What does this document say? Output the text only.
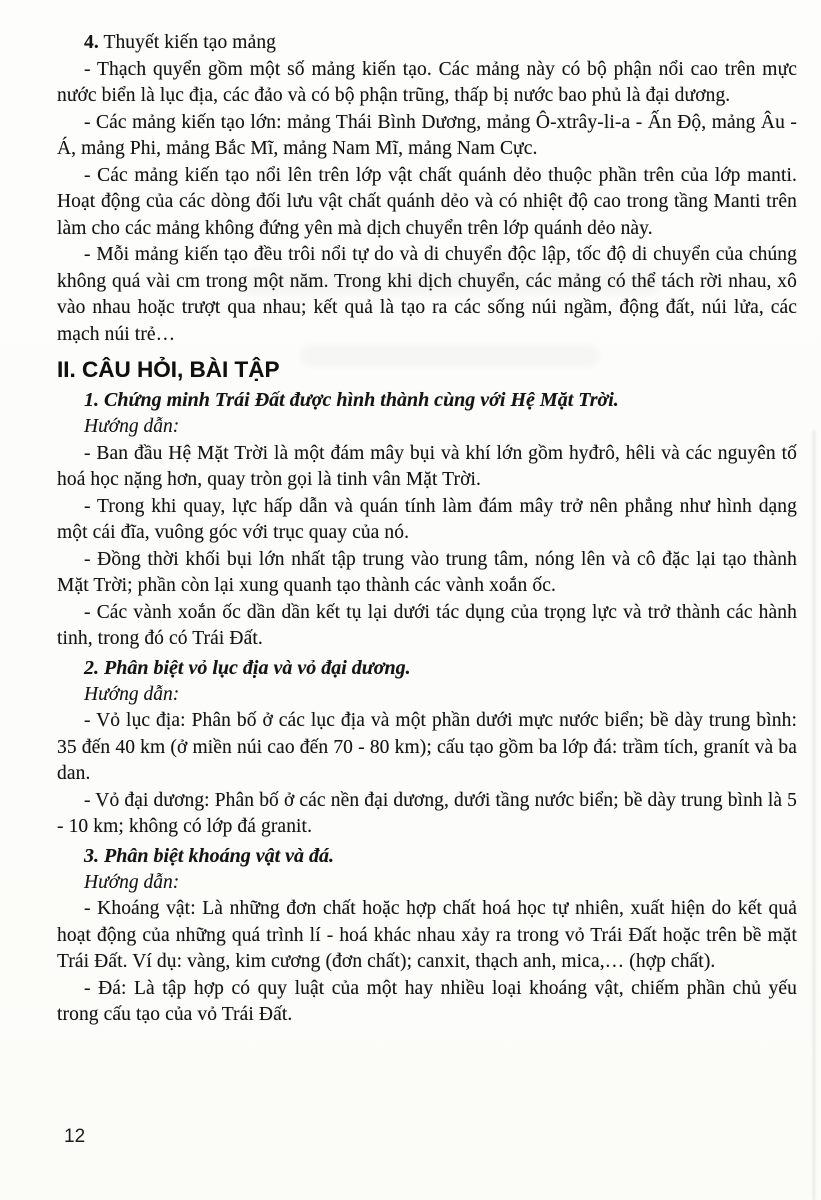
4. Thuyết kiến tạo mảng

- Thạch quyển gồm một số mảng kiến tạo. Các mảng này có bộ phận nổi cao trên mực nước biển là lục địa, các đảo và có bộ phận trũng, thấp bị nước bao phủ là đại dương.

- Các mảng kiến tạo lớn: mảng Thái Bình Dương, mảng Ô-xtrây-li-a - Ấn Độ, mảng Âu - Á, mảng Phi, mảng Bắc Mĩ, mảng Nam Mĩ, mảng Nam Cực.

- Các mảng kiến tạo nổi lên trên lớp vật chất quánh dẻo thuộc phần trên của lớp manti. Hoạt động của các dòng đối lưu vật chất quánh dẻo và có nhiệt độ cao trong tầng Manti trên làm cho các mảng không đứng yên mà dịch chuyển trên lớp quánh dẻo này.

- Mỗi mảng kiến tạo đều trôi nổi tự do và di chuyển độc lập, tốc độ di chuyển của chúng không quá vài cm trong một năm. Trong khi dịch chuyển, các mảng có thể tách rời nhau, xô vào nhau hoặc trượt qua nhau; kết quả là tạo ra các sống núi ngầm, động đất, núi lửa, các mạch núi trẻ…

II. CÂU HỎI, BÀI TẬP

1. Chứng minh Trái Đất được hình thành cùng với Hệ Mặt Trời.

Hướng dẫn:

- Ban đầu Hệ Mặt Trời là một đám mây bụi và khí lớn gồm hyđrô, hêli và các nguyên tố hoá học nặng hơn, quay tròn gọi là tinh vân Mặt Trời.

- Trong khi quay, lực hấp dẫn và quán tính làm đám mây trở nên phẳng như hình dạng một cái đĩa, vuông góc với trục quay của nó.

- Đồng thời khối bụi lớn nhất tập trung vào trung tâm, nóng lên và cô đặc lại tạo thành Mặt Trời; phần còn lại xung quanh tạo thành các vành xoắn ốc.

- Các vành xoắn ốc dần dần kết tụ lại dưới tác dụng của trọng lực và trở thành các hành tinh, trong đó có Trái Đất.

2. Phân biệt vỏ lục địa và vỏ đại dương.

Hướng dẫn:

- Vỏ lục địa: Phân bố ở các lục địa và một phần dưới mực nước biển; bề dày trung bình: 35 đến 40 km (ở miền núi cao đến 70 - 80 km); cấu tạo gồm ba lớp đá: trầm tích, granít và ba dan.

- Vỏ đại dương: Phân bố ở các nền đại dương, dưới tầng nước biển; bề dày trung bình là 5 - 10 km; không có lớp đá granit.

3. Phân biệt khoáng vật và đá.

Hướng dẫn:

- Khoáng vật: Là những đơn chất hoặc hợp chất hoá học tự nhiên, xuất hiện do kết quả hoạt động của những quá trình lí - hoá khác nhau xảy ra trong vỏ Trái Đất hoặc trên bề mặt Trái Đất. Ví dụ: vàng, kim cương (đơn chất); canxit, thạch anh, mica,… (hợp chất).

- Đá: Là tập hợp có quy luật của một hay nhiều loại khoáng vật, chiếm phần chủ yếu trong cấu tạo của vỏ Trái Đất.

12
